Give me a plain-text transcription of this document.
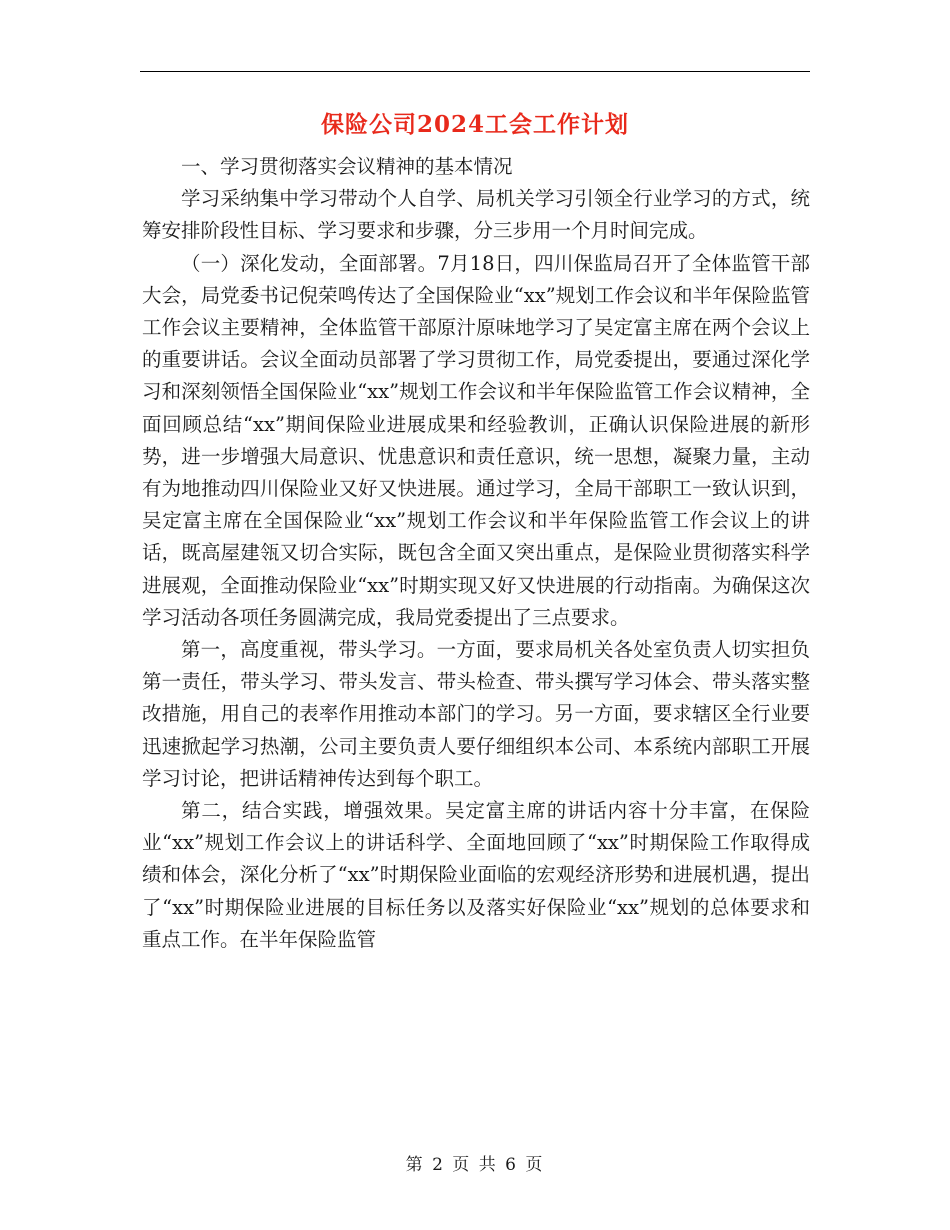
保险公司2024工会工作计划

一、学习贯彻落实会议精神的基本情况

学习采纳集中学习带动个人自学、局机关学习引领全行业学习的方式，统筹安排阶段性目标、学习要求和步骤，分三步用一个月时间完成。

（一）深化发动，全面部署。7月18日，四川保监局召开了全体监管干部大会，局党委书记倪荣鸣传达了全国保险业“xx”规划工作会议和半年保险监管工作会议主要精神，全体监管干部原汁原味地学习了吴定富主席在两个会议上的重要讲话。会议全面动员部署了学习贯彻工作，局党委提出，要通过深化学习和深刻领悟全国保险业“xx”规划工作会议和半年保险监管工作会议精神，全面回顾总结“xx”期间保险业进展成果和经验教训，正确认识保险进展的新形势，进一步增强大局意识、忧患意识和责任意识，统一思想，凝聚力量，主动有为地推动四川保险业又好又快进展。通过学习，全局干部职工一致认识到，吴定富主席在全国保险业“xx”规划工作会议和半年保险监管工作会议上的讲话，既高屋建瓴又切合实际，既包含全面又突出重点，是保险业贯彻落实科学进展观，全面推动保险业“xx”时期实现又好又快进展的行动指南。为确保这次学习活动各项任务圆满完成，我局党委提出了三点要求。

第一，高度重视，带头学习。一方面，要求局机关各处室负责人切实担负第一责任，带头学习、带头发言、带头检查、带头撰写学习体会、带头落实整改措施，用自己的表率作用推动本部门的学习。另一方面，要求辖区全行业要迅速掀起学习热潮，公司主要负责人要仔细组织本公司、本系统内部职工开展学习讨论，把讲话精神传达到每个职工。

第二，结合实践，增强效果。吴定富主席的讲话内容十分丰富，在保险业“xx”规划工作会议上的讲话科学、全面地回顾了“xx”时期保险工作取得成绩和体会，深化分析了“xx”时期保险业面临的宏观经济形势和进展机遇，提出了“xx”时期保险业进展的目标任务以及落实好保险业“xx”规划的总体要求和重点工作。在半年保险监管

第 2 页 共 6 页
